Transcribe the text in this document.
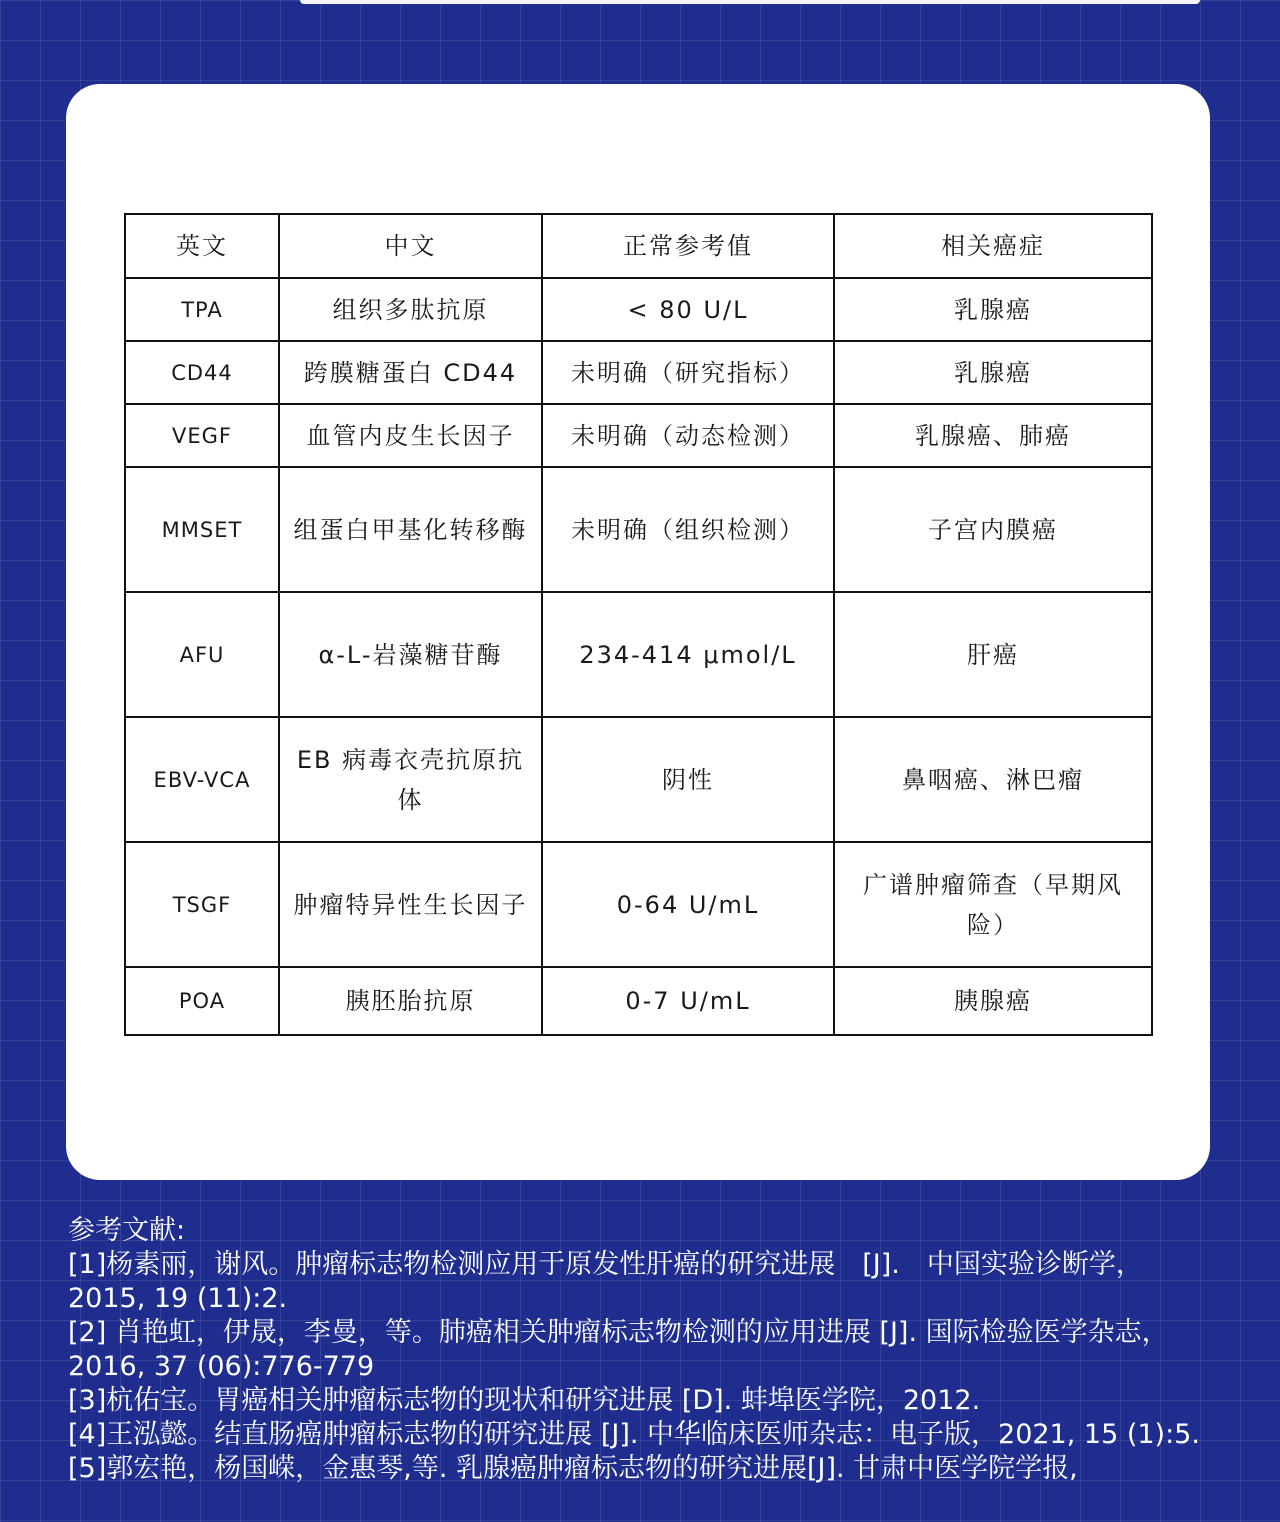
英文	中文	正常参考值	相关癌症
TPA	组织多肽抗原	< 80 U/L	乳腺癌
CD44	跨膜糖蛋白 CD44	未明确（研究指标）	乳腺癌
VEGF	血管内皮生长因子	未明确（动态检测）	乳腺癌、肺癌
MMSET	组蛋白甲基化转移酶	未明确（组织检测）	子宫内膜癌
AFU	α-L-岩藻糖苷酶	234-414 μmol/L	肝癌
EBV-VCA	EB 病毒衣壳抗原抗体	阴性	鼻咽癌、淋巴瘤
TSGF	肿瘤特异性生长因子	0-64 U/mL	广谱肿瘤筛查（早期风险）
POA	胰胚胎抗原	0-7 U/mL	胰腺癌

参考文献:

[1]杨素丽，谢风。肿瘤标志物检测应用于原发性肝癌的研究进展　[J].　中国实验诊断学，2015, 19 (11):2.

[2] 肖艳虹，伊晟，李曼，等。肺癌相关肿瘤标志物检测的应用进展 [J]. 国际检验医学杂志，2016, 37 (06):776-779

[3]杭佑宝。胃癌相关肿瘤标志物的现状和研究进展 [D]. 蚌埠医学院，2012.

[4]王泓懿。结直肠癌肿瘤标志物的研究进展 [J]. 中华临床医师杂志：电子版，2021, 15 (1):5.

[5]郭宏艳，杨国嵘，金惠琴,等. 乳腺癌肿瘤标志物的研究进展[J]. 甘肃中医学院学报,
